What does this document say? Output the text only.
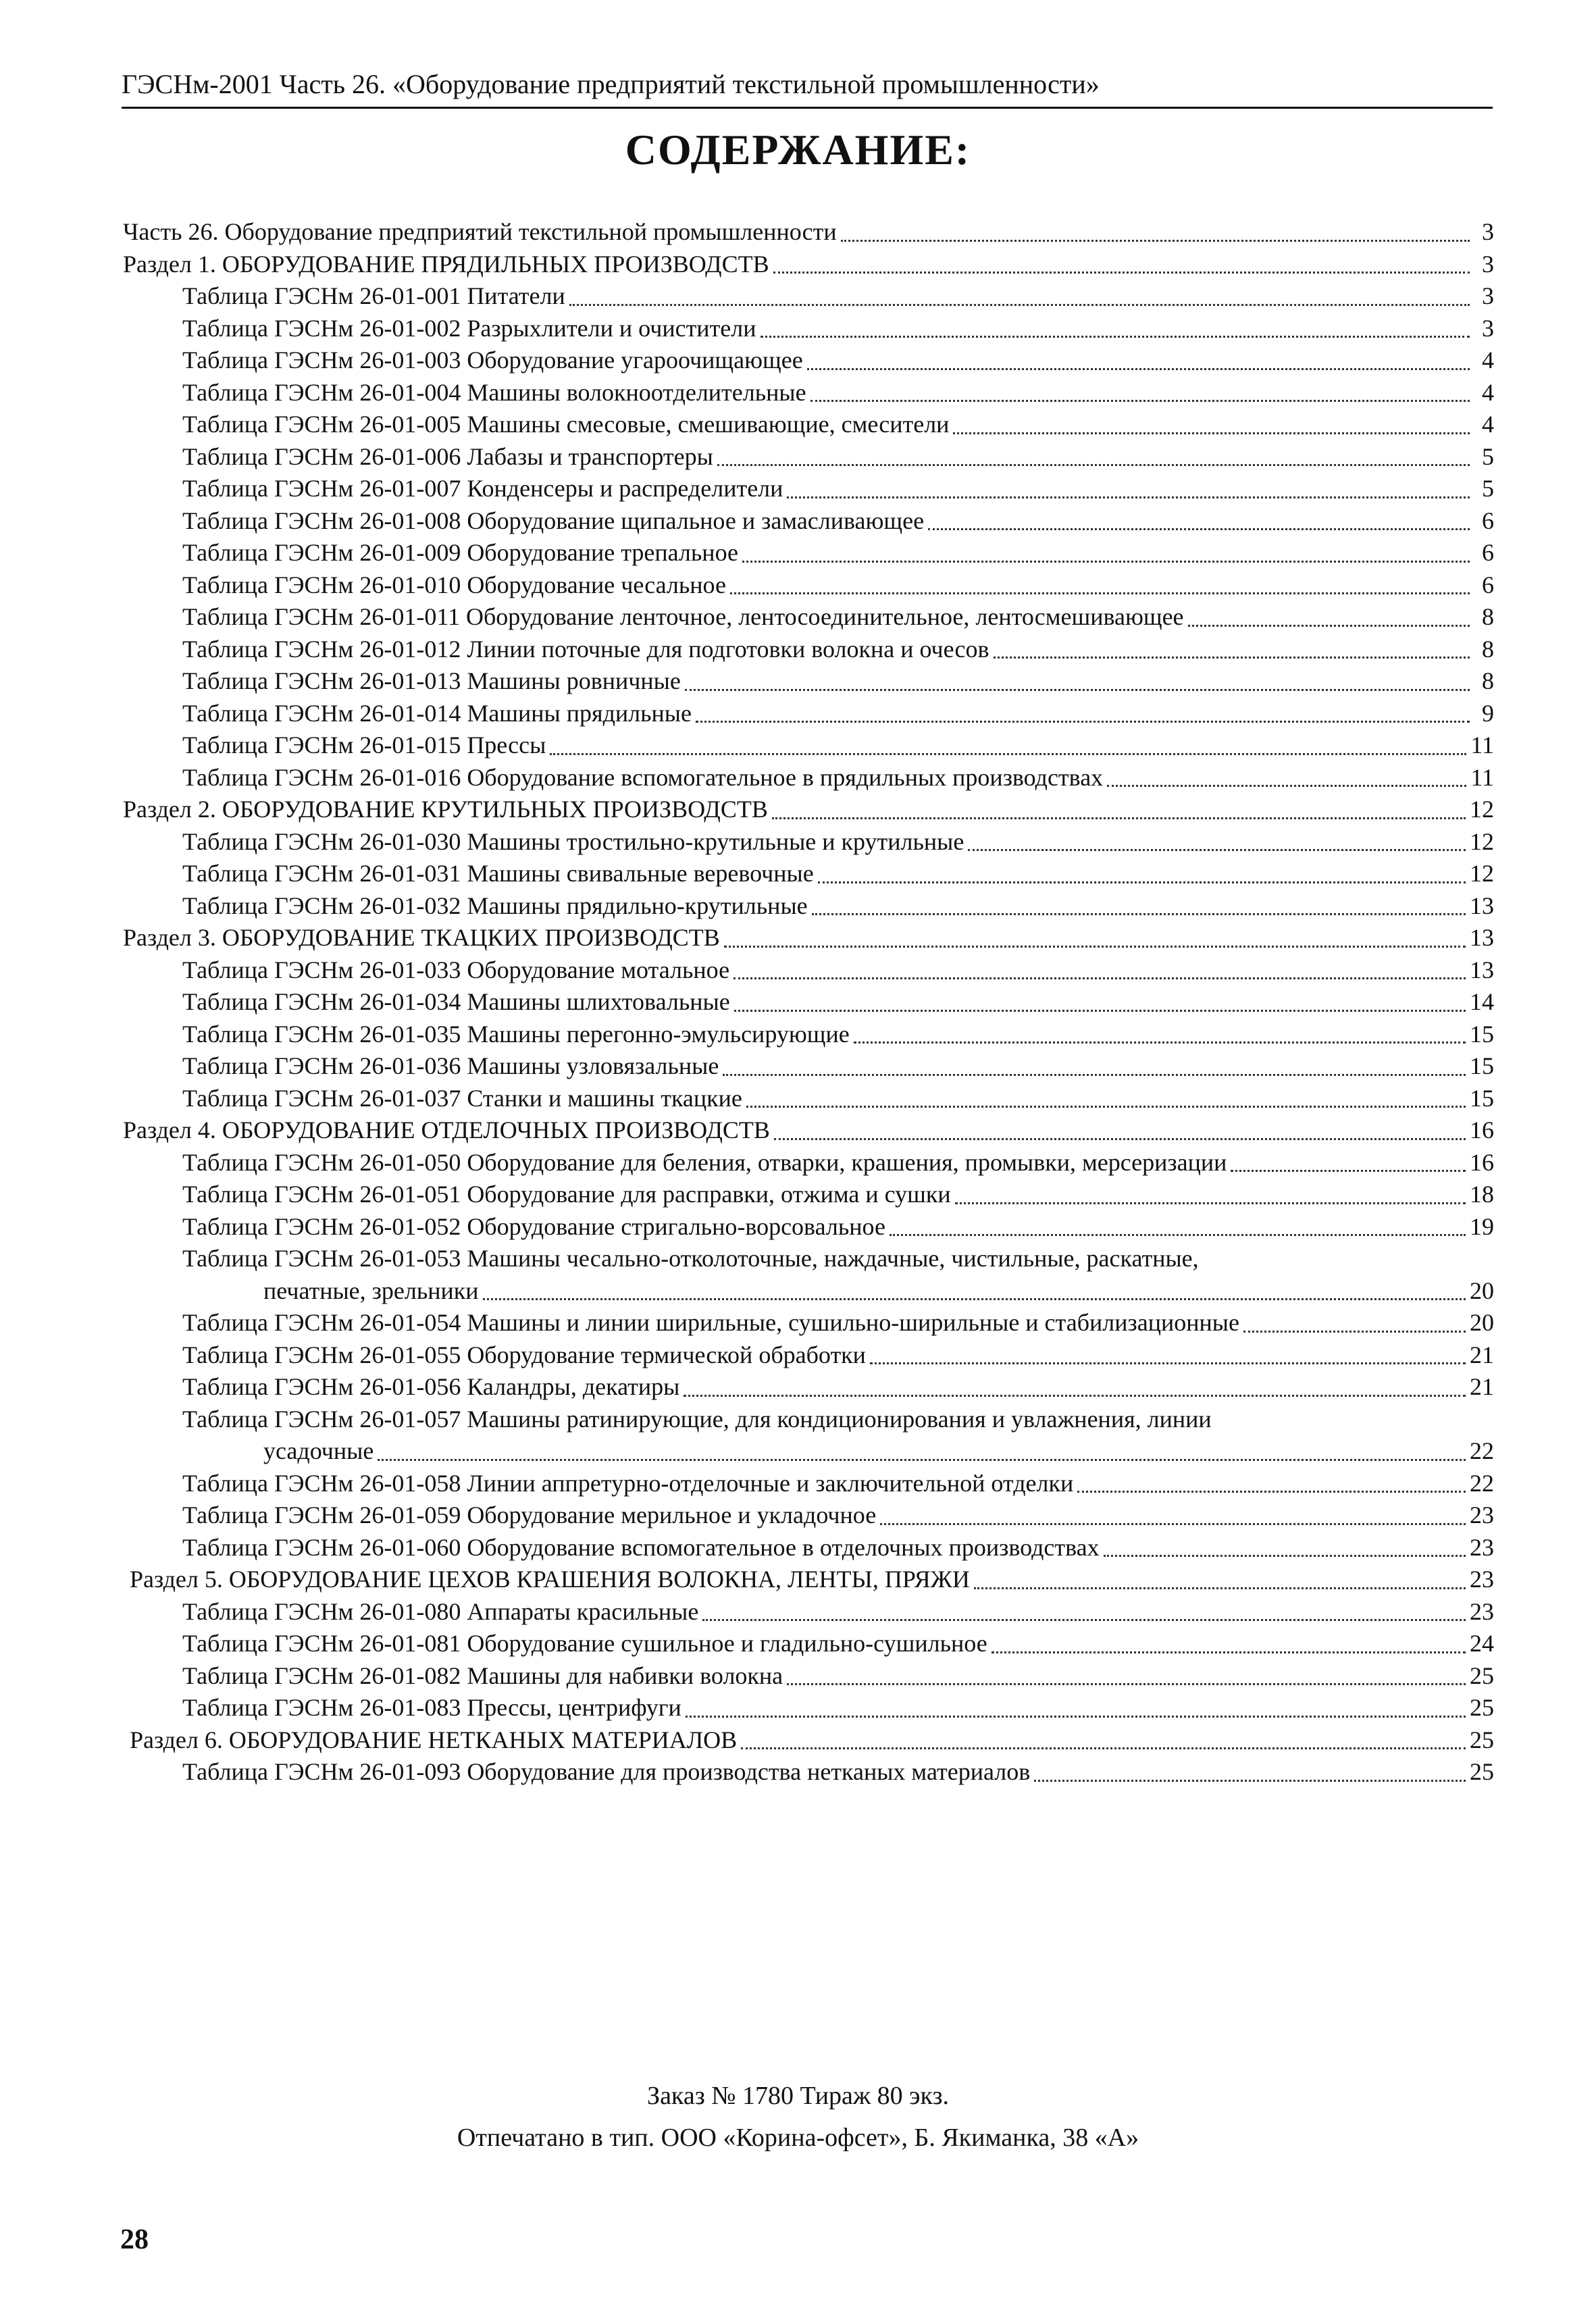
ГЭСНм-2001 Часть 26. «Оборудование предприятий текстильной промышленности»
СОДЕРЖАНИЕ:
Часть 26. Оборудование предприятий текстильной промышленности	3
Раздел 1. ОБОРУДОВАНИЕ ПРЯДИЛЬНЫХ ПРОИЗВОДСТВ	3
Таблица ГЭСНм 26-01-001 Питатели	3
Таблица ГЭСНм 26-01-002 Разрыхлители и очистители	3
Таблица ГЭСНм 26-01-003 Оборудование угароочищающее	4
Таблица ГЭСНм 26-01-004 Машины волокноотделительные	4
Таблица ГЭСНм 26-01-005 Машины смесовые, смешивающие, смесители	4
Таблица ГЭСНм 26-01-006 Лабазы и транспортеры	5
Таблица ГЭСНм 26-01-007 Конденсеры и распределители	5
Таблица ГЭСНм 26-01-008 Оборудование щипальное и замасливающее	6
Таблица ГЭСНм 26-01-009 Оборудование трепальное	6
Таблица ГЭСНм 26-01-010 Оборудование чесальное	6
Таблица ГЭСНм 26-01-011 Оборудование ленточное, лентосоединительное, лентосмешивающее	8
Таблица ГЭСНм 26-01-012 Линии поточные для подготовки волокна и очесов	8
Таблица ГЭСНм 26-01-013 Машины ровничные	8
Таблица ГЭСНм 26-01-014 Машины прядильные	9
Таблица ГЭСНм 26-01-015 Прессы	11
Таблица ГЭСНм 26-01-016 Оборудование вспомогательное в прядильных производствах	11
Раздел 2. ОБОРУДОВАНИЕ КРУТИЛЬНЫХ ПРОИЗВОДСТВ	12
Таблица ГЭСНм 26-01-030 Машины тростильно-крутильные и крутильные	12
Таблица ГЭСНм 26-01-031 Машины свивальные веревочные	12
Таблица ГЭСНм 26-01-032 Машины прядильно-крутильные	13
Раздел 3. ОБОРУДОВАНИЕ ТКАЦКИХ ПРОИЗВОДСТВ	13
Таблица ГЭСНм 26-01-033 Оборудование мотальное	13
Таблица ГЭСНм 26-01-034 Машины шлихтовальные	14
Таблица ГЭСНм 26-01-035 Машины перегонно-эмульсирующие	15
Таблица ГЭСНм 26-01-036 Машины узловязальные	15
Таблица ГЭСНм 26-01-037 Станки и машины ткацкие	15
Раздел 4. ОБОРУДОВАНИЕ ОТДЕЛОЧНЫХ ПРОИЗВОДСТВ	16
Таблица ГЭСНм 26-01-050 Оборудование для беления, отварки, крашения, промывки, мерсеризации	16
Таблица ГЭСНм 26-01-051 Оборудование для расправки, отжима и сушки	18
Таблица ГЭСНм 26-01-052 Оборудование стригально-ворсовальное	19
Таблица ГЭСНм 26-01-053 Машины чесально-отколоточные, наждачные, чистильные, раскатные,
печатные, зрельники	20
Таблица ГЭСНм 26-01-054 Машины и линии ширильные, сушильно-ширильные и стабилизационные	20
Таблица ГЭСНм 26-01-055 Оборудование термической обработки	21
Таблица ГЭСНм 26-01-056 Каландры, декатиры	21
Таблица ГЭСНм 26-01-057 Машины ратинирующие, для кондиционирования и увлажнения, линии
усадочные	22
Таблица ГЭСНм 26-01-058 Линии аппретурно-отделочные и заключительной отделки	22
Таблица ГЭСНм 26-01-059 Оборудование мерильное и укладочное	23
Таблица ГЭСНм 26-01-060 Оборудование вспомогательное в отделочных производствах	23
Раздел 5. ОБОРУДОВАНИЕ ЦЕХОВ КРАШЕНИЯ ВОЛОКНА, ЛЕНТЫ, ПРЯЖИ	23
Таблица ГЭСНм 26-01-080 Аппараты красильные	23
Таблица ГЭСНм 26-01-081 Оборудование сушильное и гладильно-сушильное	24
Таблица ГЭСНм 26-01-082 Машины для набивки волокна	25
Таблица ГЭСНм 26-01-083 Прессы, центрифуги	25
Раздел 6. ОБОРУДОВАНИЕ НЕТКАНЫХ МАТЕРИАЛОВ	25
Таблица ГЭСНм 26-01-093 Оборудование для производства нетканых материалов	25
Заказ № 1780 Тираж 80 экз.
Отпечатано в тип. ООО «Корина-офсет», Б. Якиманка, 38 «А»
28
